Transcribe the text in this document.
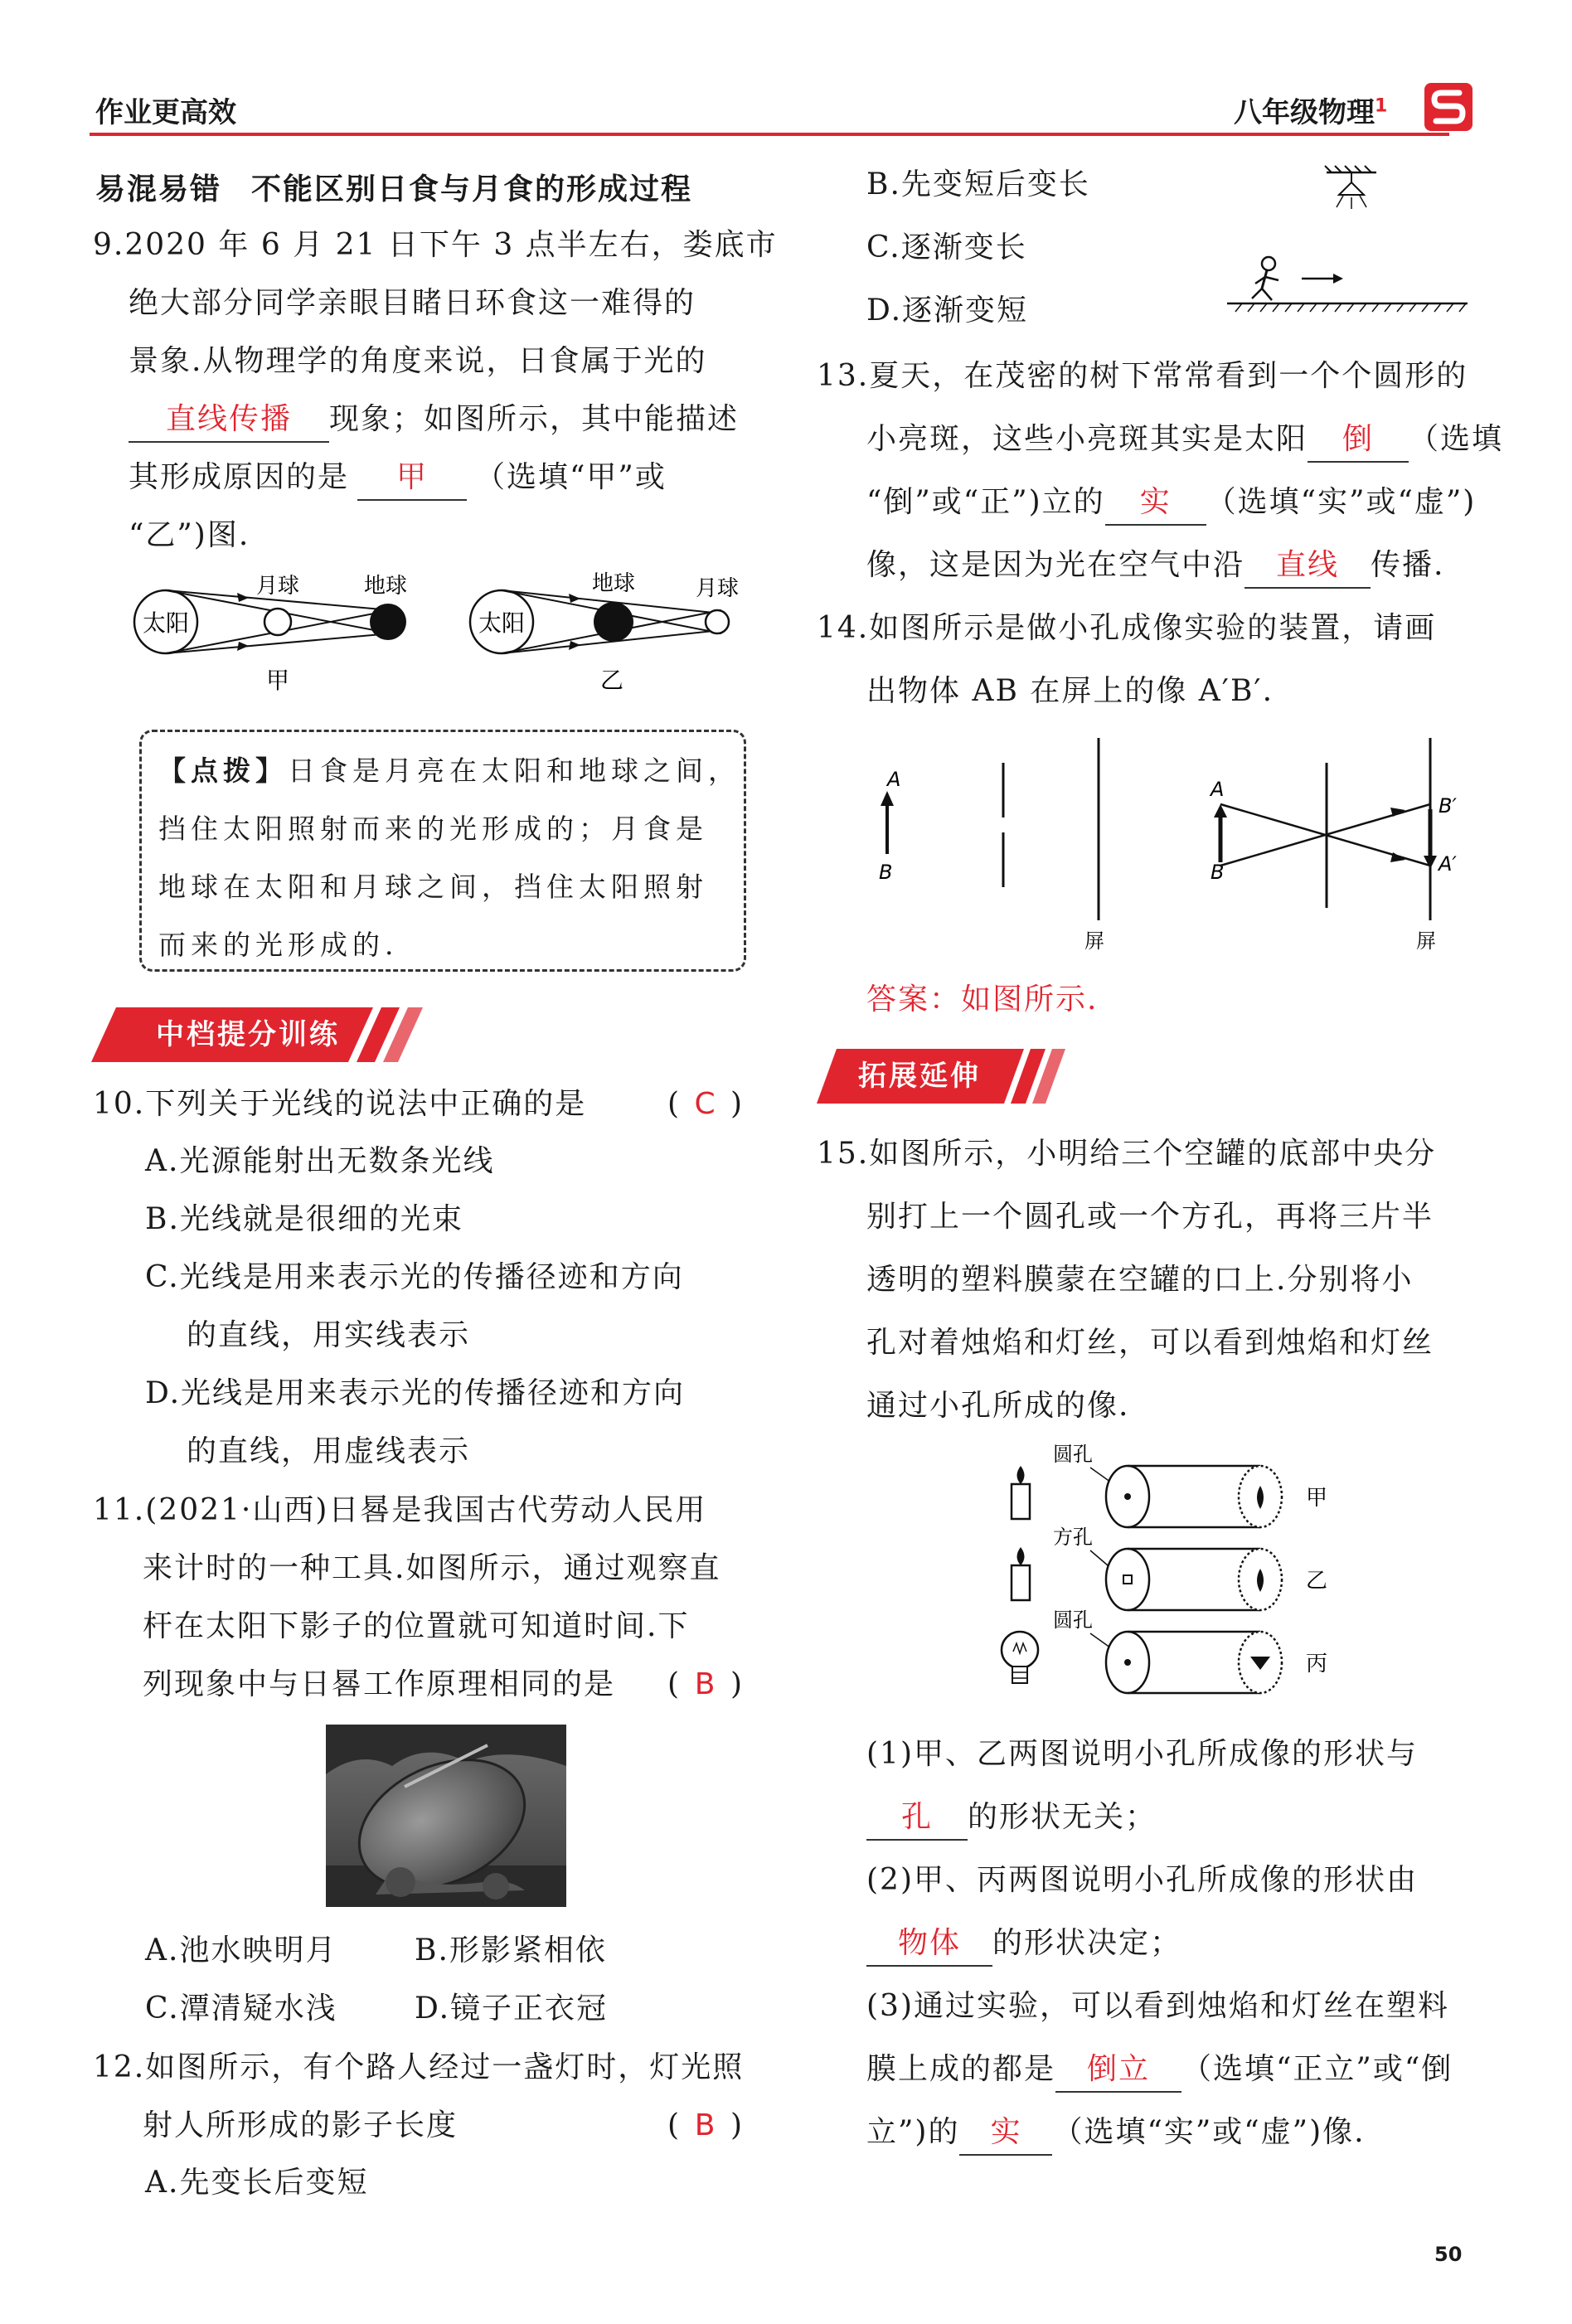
作业更高效	八年级物理$^1$
易混易错 不能区别日食与月食的形成过程
9.2020 年 6 月 21 日下午 3 点半左右，娄底市
绝大部分同学亲眼目睹日环食这一难得的
景象.从物理学的角度来说，日食属于光的
直线传播 现象；如图所示，其中能描述
其形成原因的是 甲 （选填“甲”或
“乙”)图.
太阳
月球	地球
甲
太阳
地球	月球
乙
【点拨】日食是月亮在太阳和地球之间，
挡住太阳照射而来的光形成的；月食是
地球在太阳和月球之间，挡住太阳照射
而来的光形成的.
中档提分训练
10.下列关于光线的说法中正确的是	( C )
A.光源能射出无数条光线
B.光线就是很细的光束
C.光线是用来表示光的传播径迹和方向
的直线，用实线表示
D.光线是用来表示光的传播径迹和方向
的直线，用虚线表示
11.(2021·山西)日晷是我国古代劳动人民用
来计时的一种工具.如图所示，通过观察直
杆在太阳下影子的位置就可知道时间.下
列现象中与日晷工作原理相同的是 ( B )
A.池水映明月	B.形影紧相依
C.潭清疑水浅	D.镜子正衣冠
12.如图所示，有个路人经过一盏灯时，灯光照
射人所形成的影子长度	( B )
A.先变长后变短
B.先变短后变长
C.逐渐变长
D.逐渐变短
13.夏天，在茂密的树下常常看到一个个圆形的
小亮斑，这些小亮斑其实是太阳 倒 （选填
“倒”或“正”)立的 实 （选填“实”或“虚”)
像，这是因为光在空气中沿 直线 传播.
14.如图所示是做小孔成像实验的装置，请画
出物体 AB 在屏上的像 A′B′.
A
B
屏
A
B
B′
A′
屏
答案：如图所示.
拓展延伸
15.如图所示，小明给三个空罐的底部中央分
别打上一个圆孔或一个方孔，再将三片半
透明的塑料膜蒙在空罐的口上.分别将小
孔对着烛焰和灯丝，可以看到烛焰和灯丝
通过小孔所成的像.
圆孔
方孔
圆孔
甲
乙
丙
(1)甲、乙两图说明小孔所成像的形状与
孔 的形状无关；
(2)甲、丙两图说明小孔所成像的形状由
物体 的形状决定；
(3)通过实验，可以看到烛焰和灯丝在塑料
膜上成的都是 倒立 （选填“正立”或“倒
立”)的 实 （选填“实”或“虚”)像.
50
